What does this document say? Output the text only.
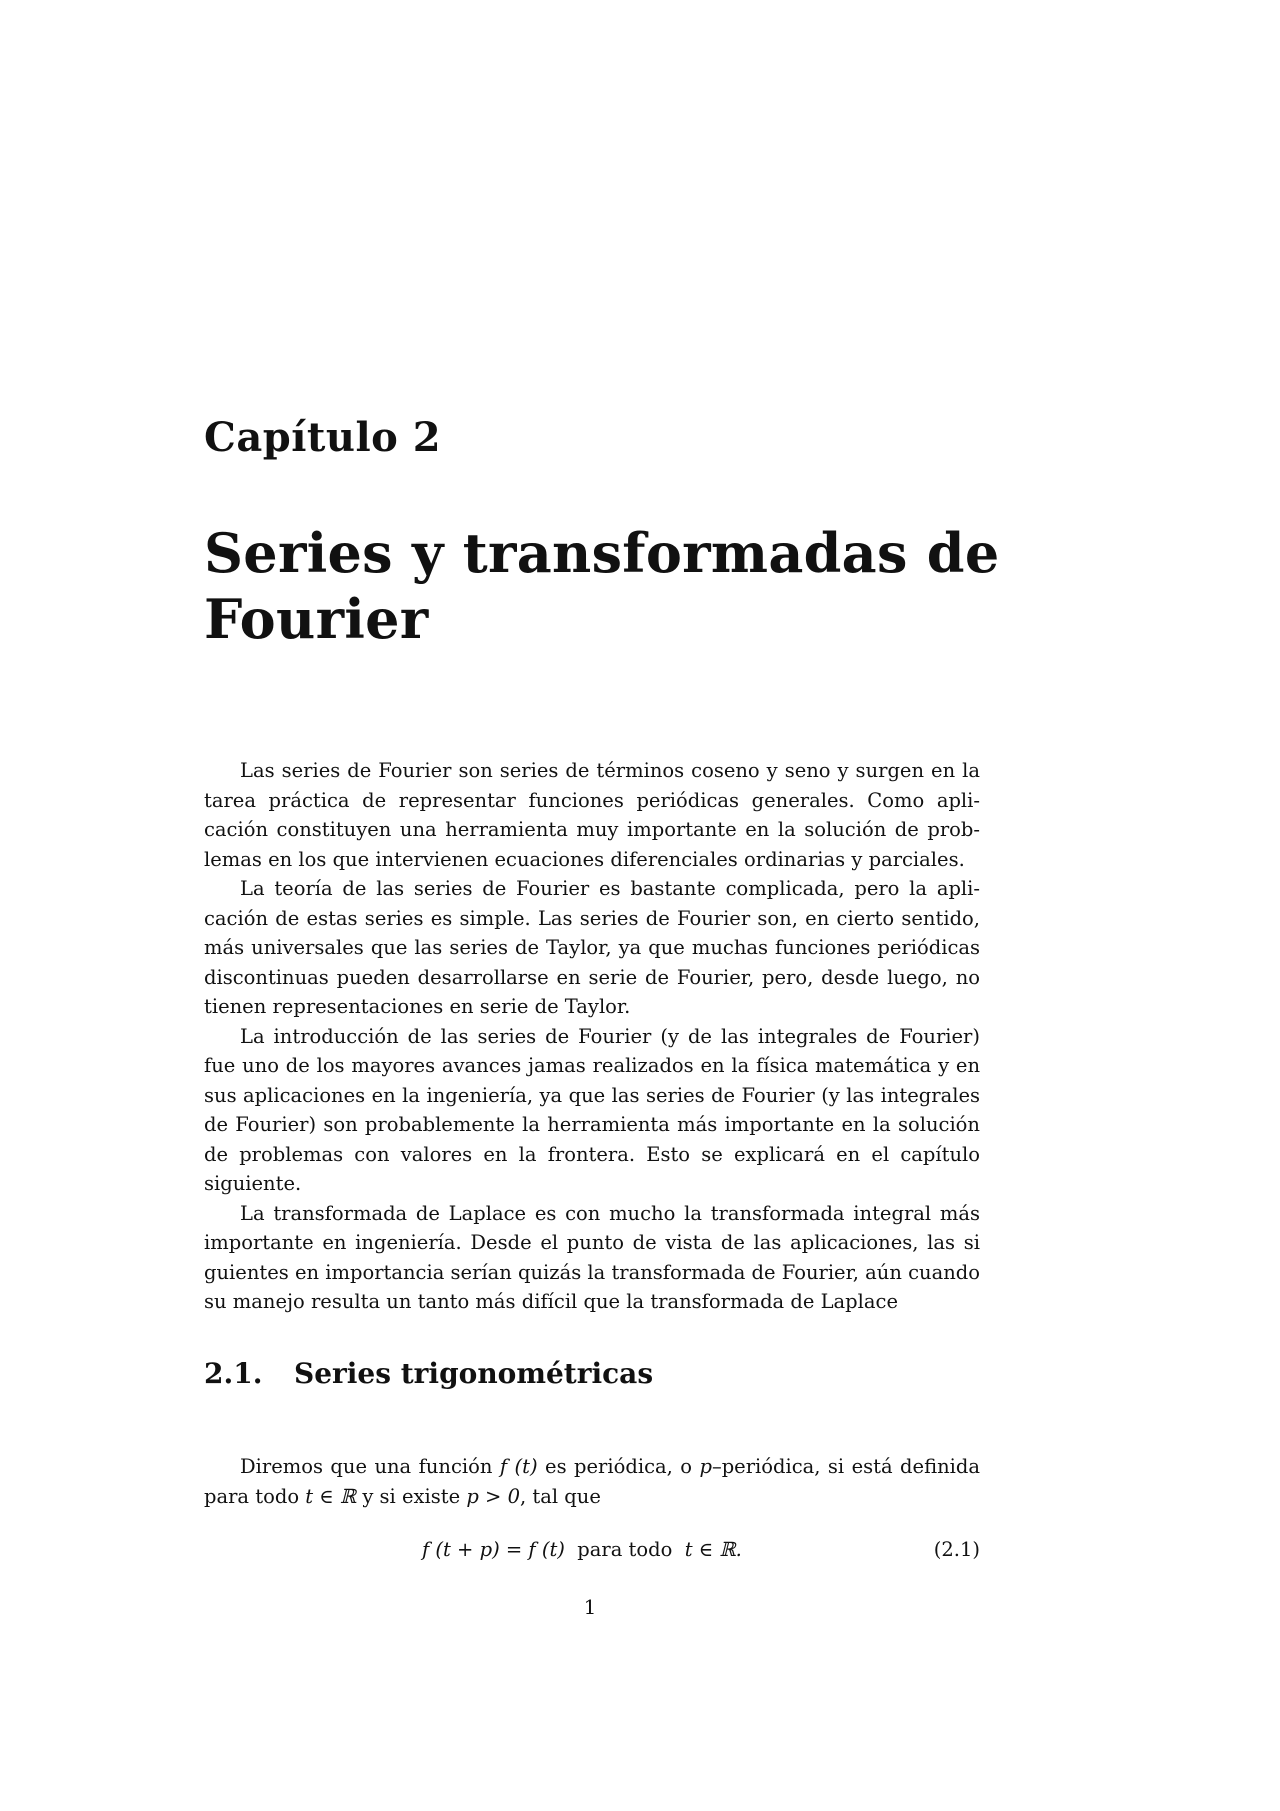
Capítulo 2
Series y transformadas de
Fourier

Las series de Fourier son series de términos coseno y seno y surgen en la tarea práctica de representar funciones periódicas generales. Como aplicación constituyen una herramienta muy importante en la solución de problemas en los que intervienen ecuaciones diferenciales ordinarias y parciales.

La teoría de las series de Fourier es bastante complicada, pero la aplicación de estas series es simple. Las series de Fourier son, en cierto sentido, más universales que las series de Taylor, ya que muchas funciones periódicas discontinuas pueden desarrollarse en serie de Fourier, pero, desde luego, no tienen representaciones en serie de Taylor.

La introducción de las series de Fourier (y de las integrales de Fourier) fue uno de los mayores avances jamas realizados en la física matemática y en sus aplicaciones en la ingeniería, ya que las series de Fourier (y las integrales de Fourier) son probablemente la herramienta más importante en la solución de problemas con valores en la frontera. Esto se explicará en el capítulo siguiente.

La transformada de Laplace es con mucho la transformada integral más importante en ingeniería. Desde el punto de vista de las aplicaciones, las si guientes en importancia serían quizás la transformada de Fourier, aún cuando su manejo resulta un tanto más difícil que la transformada de Laplace

2.1. Series trigonométricas

Diremos que una función f (t) es periódica, o p–periódica, si está definida para todo t ∈ ℝ y si existe p > 0, tal que

f (t + p) = f (t)  para todo  t ∈ ℝ.	(2.1)
1
